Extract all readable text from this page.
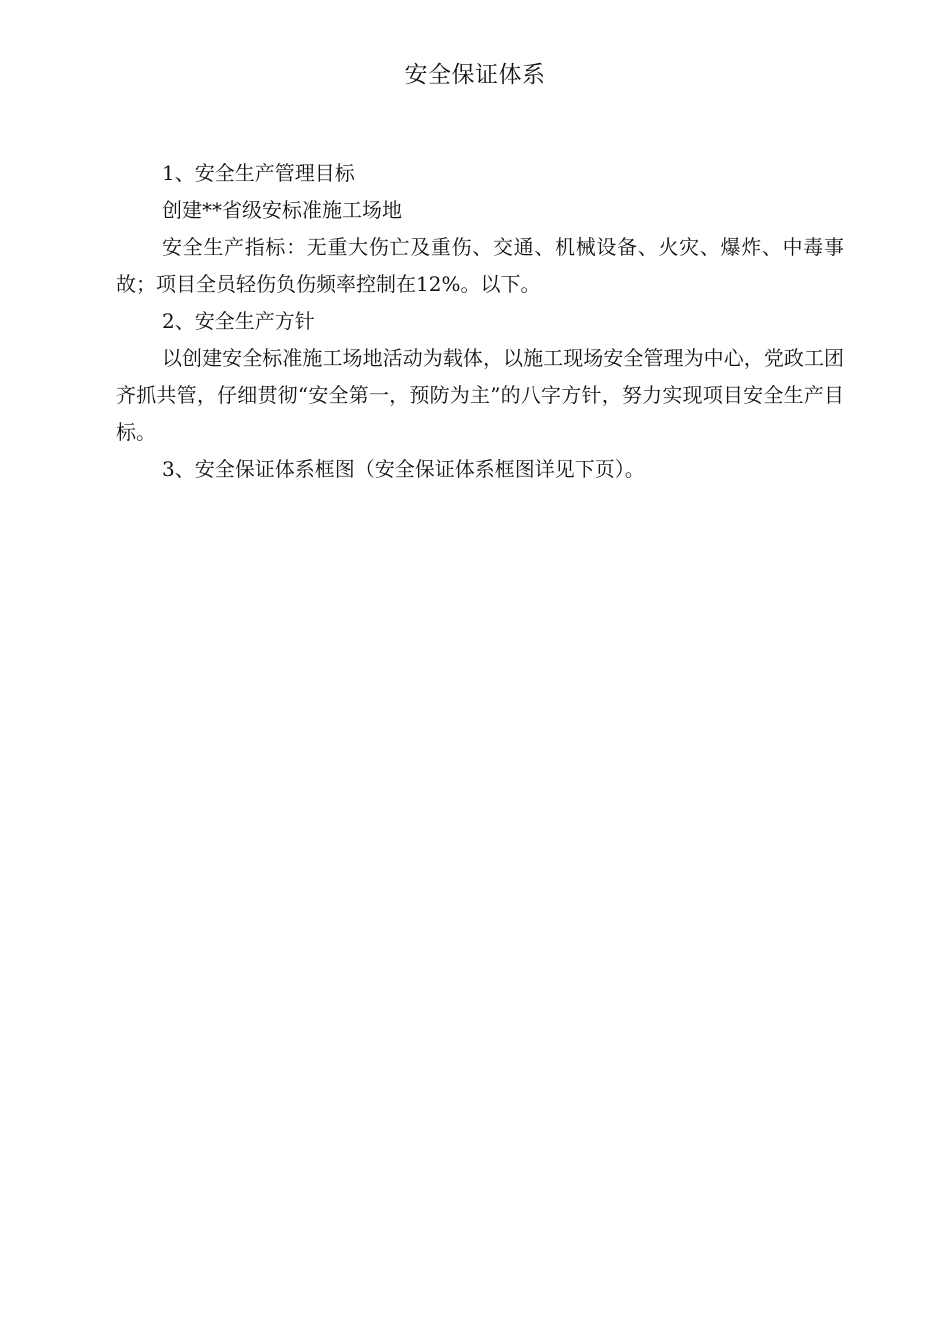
安全保证体系

1、安全生产管理目标

创建**省级安标准施工场地

安全生产指标：无重大伤亡及重伤、交通、机械设备、火灾、爆炸、中毒事故；项目全员轻伤负伤频率控制在12%。以下。

2、安全生产方针

以创建安全标准施工场地活动为载体，以施工现场安全管理为中心，党政工团齐抓共管，仔细贯彻“安全第一，预防为主”的八字方针，努力实现项目安全生产目标。

3、安全保证体系框图（安全保证体系框图详见下页）。
